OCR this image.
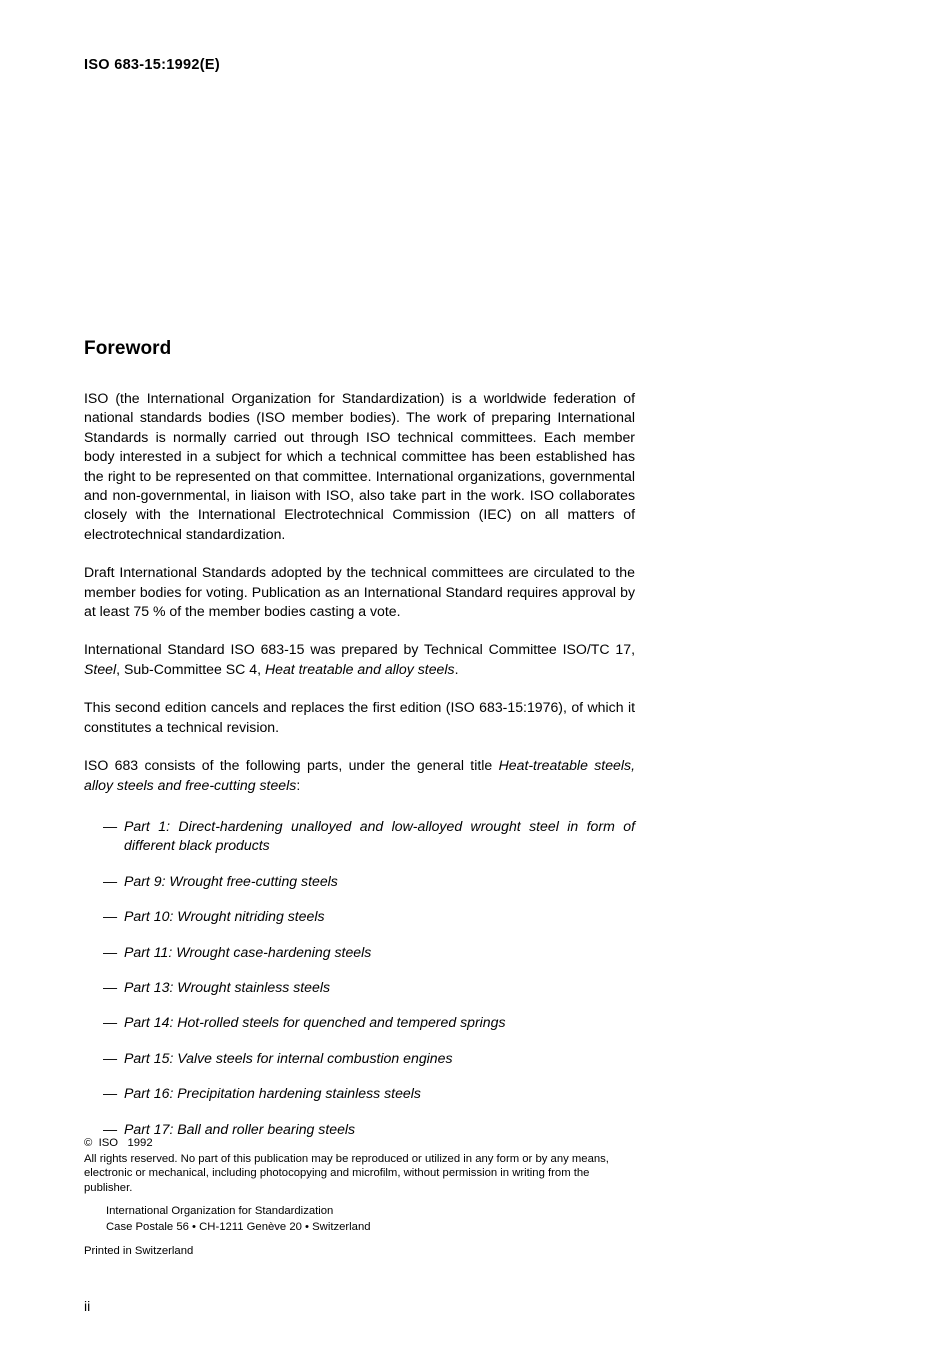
ISO 683-15:1992(E)
Foreword

ISO (the International Organization for Standardization) is a worldwide federation of national standards bodies (ISO member bodies). The work of preparing International Standards is normally carried out through ISO technical committees. Each member body interested in a subject for which a technical committee has been established has the right to be represented on that committee. International organizations, governmental and non-governmental, in liaison with ISO, also take part in the work. ISO collaborates closely with the International Electrotechnical Commission (IEC) on all matters of electrotechnical standardization.

Draft International Standards adopted by the technical committees are circulated to the member bodies for voting. Publication as an International Standard requires approval by at least 75 % of the member bodies casting a vote.

International Standard ISO 683-15 was prepared by Technical Committee ISO/TC 17, Steel, Sub-Committee SC 4, Heat treatable and alloy steels.

This second edition cancels and replaces the first edition (ISO 683-15:1976), of which it constitutes a technical revision.

ISO 683 consists of the following parts, under the general title Heat-treatable steels, alloy steels and free-cutting steels:

— Part 1: Direct-hardening unalloyed and low-alloyed wrought steel in form of different black products
— Part 9: Wrought free-cutting steels
— Part 10: Wrought nitriding steels
— Part 11: Wrought case-hardening steels
— Part 13: Wrought stainless steels
— Part 14: Hot-rolled steels for quenched and tempered springs
— Part 15: Valve steels for internal combustion engines
— Part 16: Precipitation hardening stainless steels
— Part 17: Ball and roller bearing steels
©  ISO   1992
All rights reserved. No part of this publication may be reproduced or utilized in any form or by any means, electronic or mechanical, including photocopying and microfilm, without permission in writing from the publisher.
International Organization for Standardization
Case Postale 56 • CH-1211 Genève 20 • Switzerland
Printed in Switzerland
ii
